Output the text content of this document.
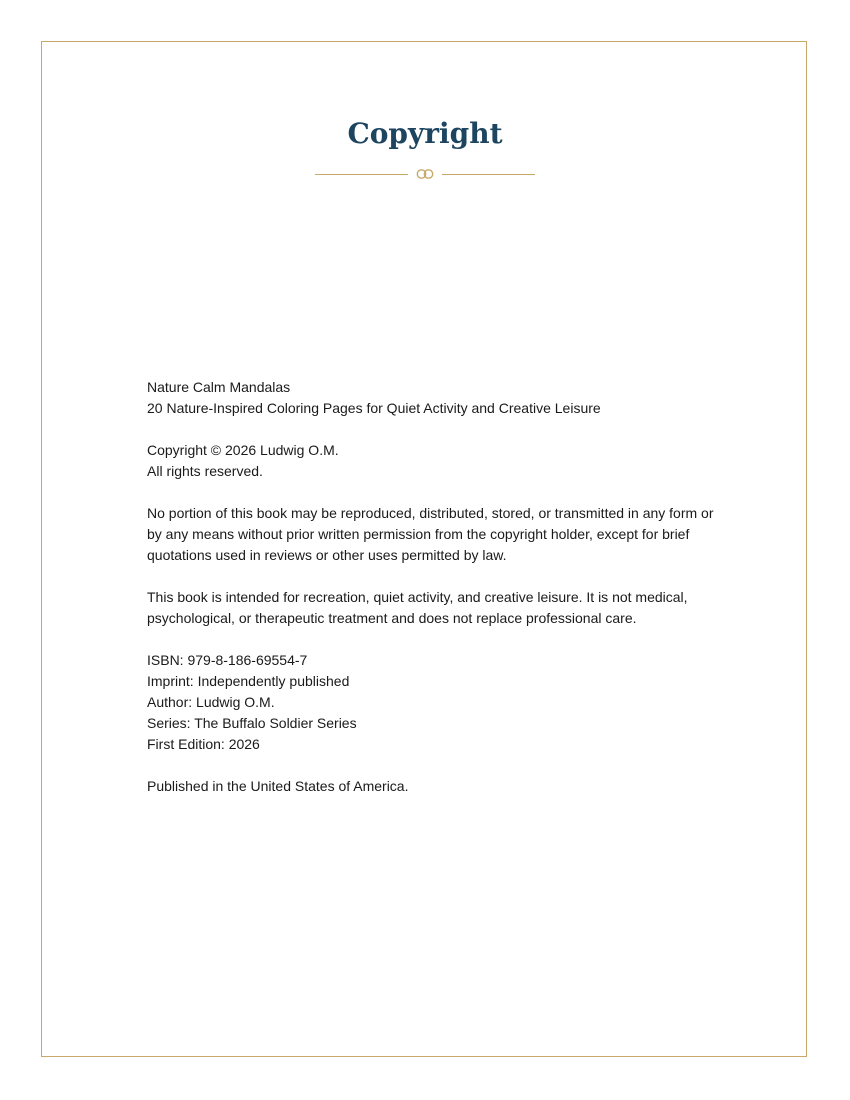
Copyright

Nature Calm Mandalas
20 Nature-Inspired Coloring Pages for Quiet Activity and Creative Leisure

Copyright © 2026 Ludwig O.M.
All rights reserved.

No portion of this book may be reproduced, distributed, stored, or transmitted in any form or by any means without prior written permission from the copyright holder, except for brief quotations used in reviews or other uses permitted by law.

This book is intended for recreation, quiet activity, and creative leisure. It is not medical, psychological, or therapeutic treatment and does not replace professional care.

ISBN: 979-8-186-69554-7
Imprint: Independently published
Author: Ludwig O.M.
Series: The Buffalo Soldier Series
First Edition: 2026

Published in the United States of America.
